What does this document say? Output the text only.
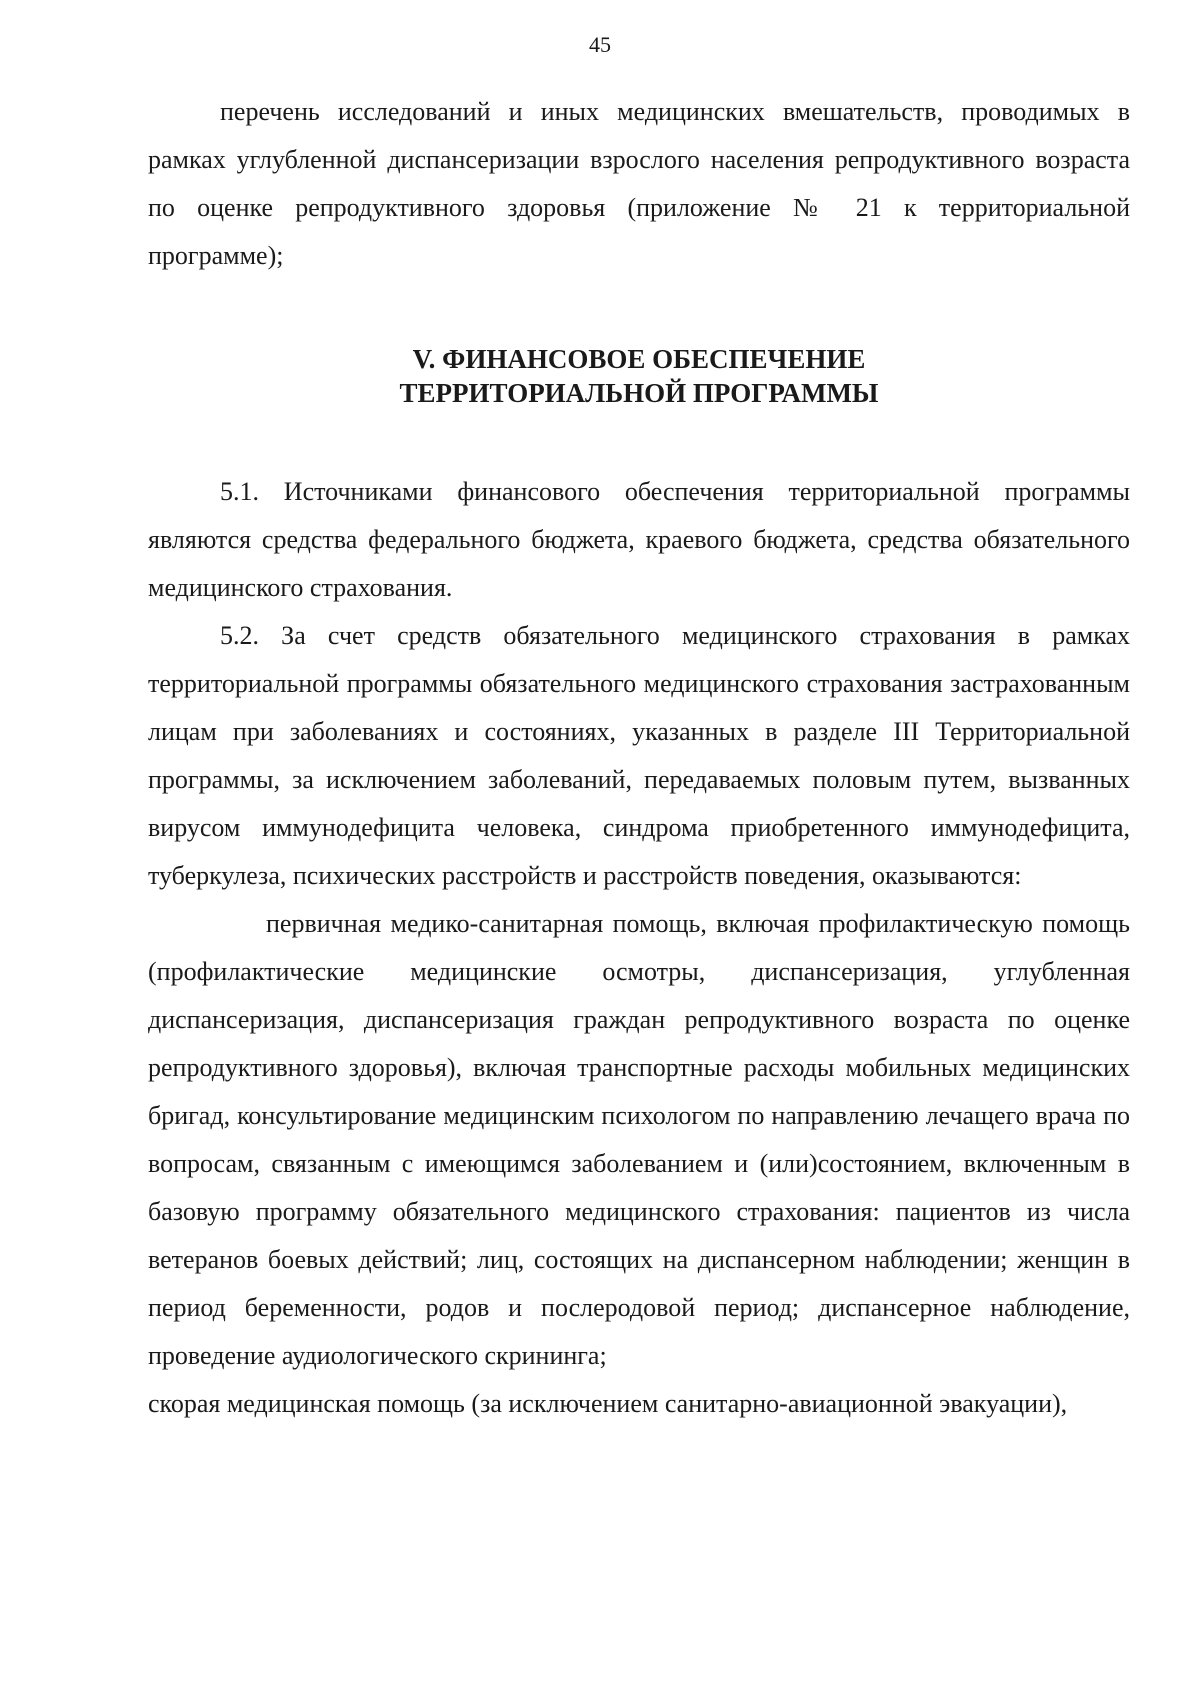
45

перечень исследований и иных медицинских вмешательств, проводимых в рамках углубленной диспансеризации взрослого населения репродуктивного возраста по оценке репродуктивного здоровья (приложение № 21 к территориальной программе);

V. ФИНАНСОВОЕ ОБЕСПЕЧЕНИЕ
ТЕРРИТОРИАЛЬНОЙ ПРОГРАММЫ

5.1. Источниками финансового обеспечения территориальной программы являются средства федерального бюджета, краевого бюджета, средства обязательного медицинского страхования.

5.2. За счет средств обязательного медицинского страхования в рамках территориальной программы обязательного медицинского страхования застрахованным лицам при заболеваниях и состояниях, указанных в разделе III Территориальной программы, за исключением заболеваний, передаваемых половым путем, вызванных вирусом иммунодефицита человека, синдрома приобретенного иммунодефицита, туберкулеза, психических расстройств и расстройств поведения, оказываются:

первичная медико-санитарная помощь, включая профилактическую помощь (профилактические медицинские осмотры, диспансеризация, углубленная диспансеризация, диспансеризация граждан репродуктивного возраста по оценке репродуктивного здоровья), включая транспортные расходы мобильных медицинских бригад, консультирование медицинским психологом по направлению лечащего врача по вопросам, связанным с имеющимся заболеванием и (или)состоянием, включенным в базовую программу обязательного медицинского страхования: пациентов из числа ветеранов боевых действий; лиц, состоящих на диспансерном наблюдении; женщин в период беременности, родов и послеродовой период; диспансерное наблюдение, проведение аудиологического скрининга;

скорая медицинская помощь (за исключением санитарно-авиационной эвакуации),
